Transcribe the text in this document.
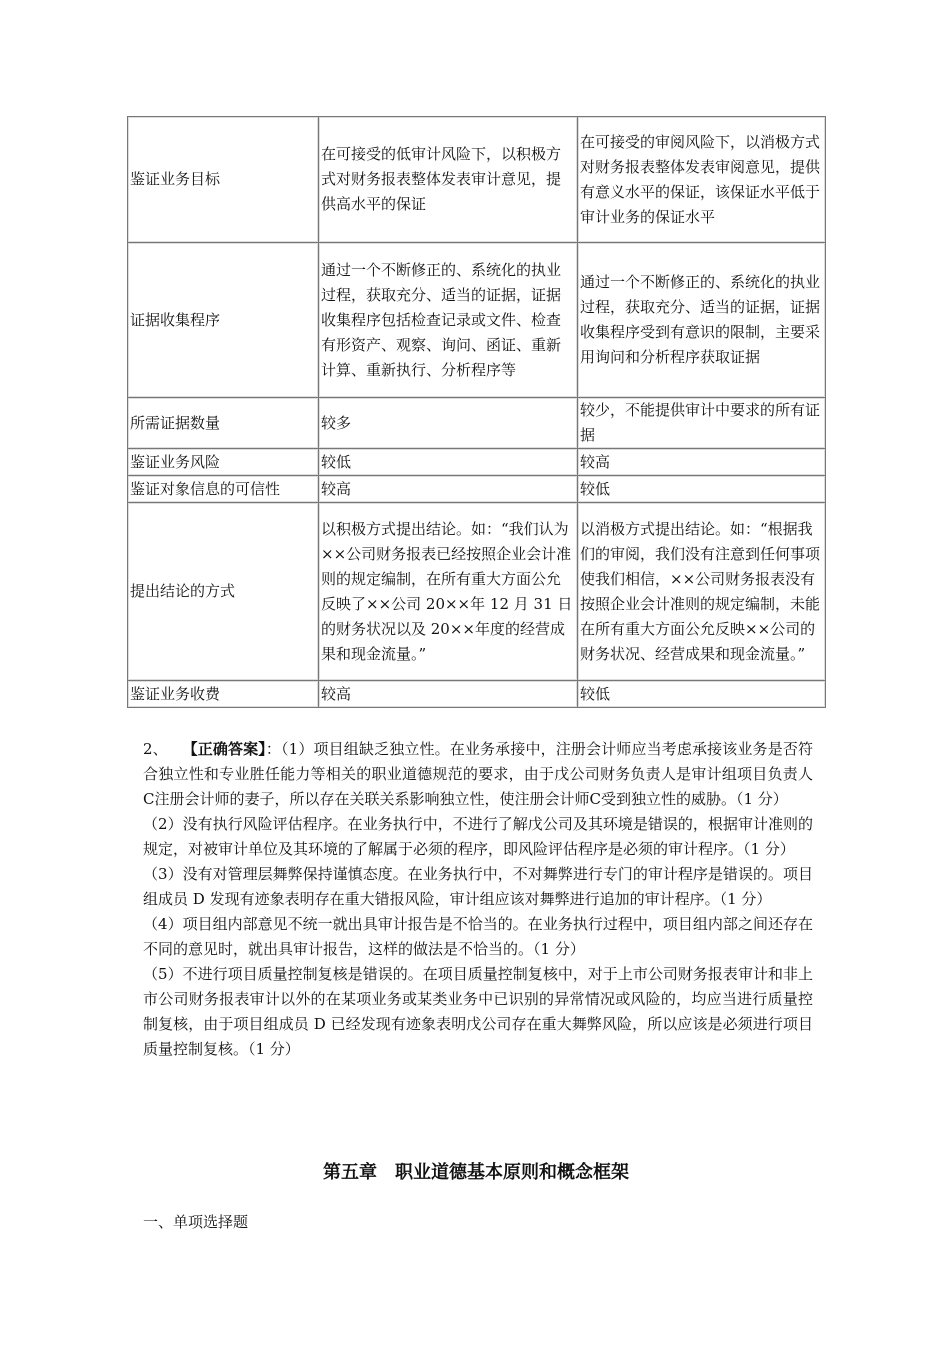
鉴证业务目标	在可接受的低审计风险下，以积极方式对财务报表整体发表审计意见，提供高水平的保证	在可接受的审阅风险下，以消极方式对财务报表整体发表审阅意见，提供有意义水平的保证，该保证水平低于审计业务的保证水平
证据收集程序	通过一个不断修正的、系统化的执业过程，获取充分、适当的证据，证据收集程序包括检查记录或文件、检查有形资产、观察、询问、函证、重新计算、重新执行、分析程序等	通过一个不断修正的、系统化的执业过程，获取充分、适当的证据，证据收集程序受到有意识的限制，主要采用询问和分析程序获取证据
所需证据数量	较多	较少，不能提供审计中要求的所有证据
鉴证业务风险	较低	较高
鉴证对象信息的可信性	较高	较低
提出结论的方式	以积极方式提出结论。如：“我们认为××公司财务报表已经按照企业会计准则的规定编制，在所有重大方面公允反映了××公司 20××年 12 月 31 日的财务状况以及 20××年度的经营成果和现金流量。”	以消极方式提出结论。如：“根据我们的审阅，我们没有注意到任何事项使我们相信，××公司财务报表没有按照企业会计准则的规定编制，未能在所有重大方面公允反映××公司的财务状况、经营成果和现金流量。”
鉴证业务收费	较高	较低

2、 【正确答案】：（1）项目组缺乏独立性。在业务承接中，注册会计师应当考虑承接该业务是否符合独立性和专业胜任能力等相关的职业道德规范的要求，由于戊公司财务负责人是审计组项目负责人C注册会计师的妻子，所以存在关联关系影响独立性，使注册会计师C受到独立性的威胁。（1 分）

（2）没有执行风险评估程序。在业务执行中，不进行了解戊公司及其环境是错误的，根据审计准则的规定，对被审计单位及其环境的了解属于必须的程序，即风险评估程序是必须的审计程序。（1 分）

（3）没有对管理层舞弊保持谨慎态度。在业务执行中，不对舞弊进行专门的审计程序是错误的。项目组成员 D 发现有迹象表明存在重大错报风险，审计组应该对舞弊进行追加的审计程序。（1 分）

（4）项目组内部意见不统一就出具审计报告是不恰当的。在业务执行过程中，项目组内部之间还存在不同的意见时，就出具审计报告，这样的做法是不恰当的。（1 分）

（5）不进行项目质量控制复核是错误的。在项目质量控制复核中，对于上市公司财务报表审计和非上市公司财务报表审计以外的在某项业务或某类业务中已识别的异常情况或风险的，均应当进行质量控制复核，由于项目组成员 D 已经发现有迹象表明戊公司存在重大舞弊风险，所以应该是必须进行项目质量控制复核。（1 分）

第五章　职业道德基本原则和概念框架
一、单项选择题
